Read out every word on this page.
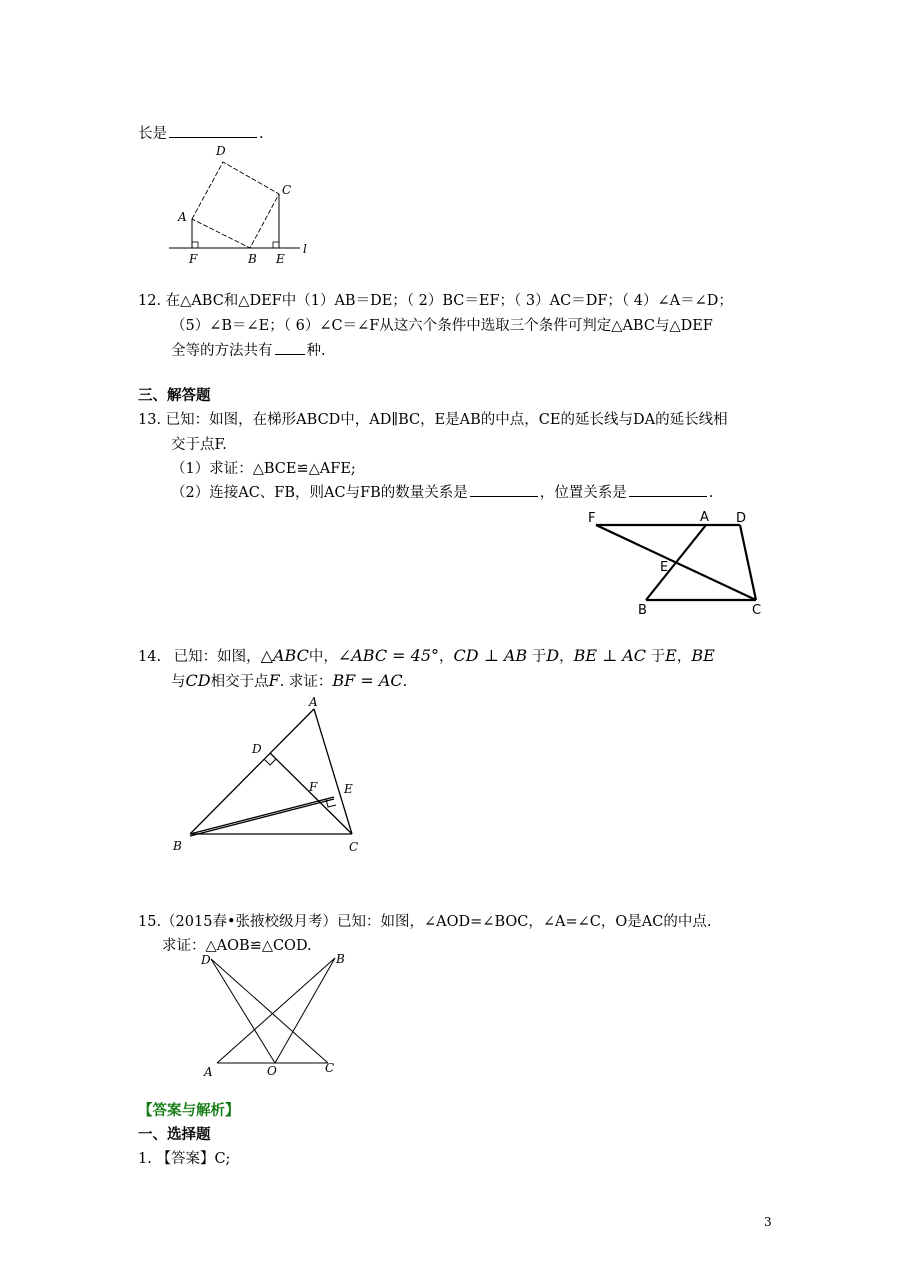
长是	.
D
C
A
l
F	B E
12. 在△ABC和△DEF中（1）AB＝DE；（ 2）BC＝EF；（ 3）AC＝DF；（ 4）∠A＝∠D；
（5）∠B＝∠E；（ 6）∠C＝∠F从这六个条件中选取三个条件可判定△ABC与△DEF
全等的方法共有 种.
三、解答题
13. 已知：如图，在梯形ABCD中，AD∥BC，E是AB的中点，CE的延长线与DA的延长线相
交于点F.
（1）求证：△BCE≌△AFE;
（2）连接AC、FB，则AC与FB的数量关系是	，位置关系是	.
F	A D
E
B	C
14. 已知：如图，△ABC中，∠ABC = 45°，CD ⊥ AB 于D，BE ⊥ AC 于E，BE
与CD相交于点F. 求证：BF = AC.
A
D
F E
B	C
15.（2015春•张掖校级月考）已知：如图，∠AOD=∠BOC，∠A=∠C，O是AC的中点.
求证：△AOB≌△COD.
D	B
A	O	C
【答案与解析】
一、选择题
1. 【答案】C;
3
